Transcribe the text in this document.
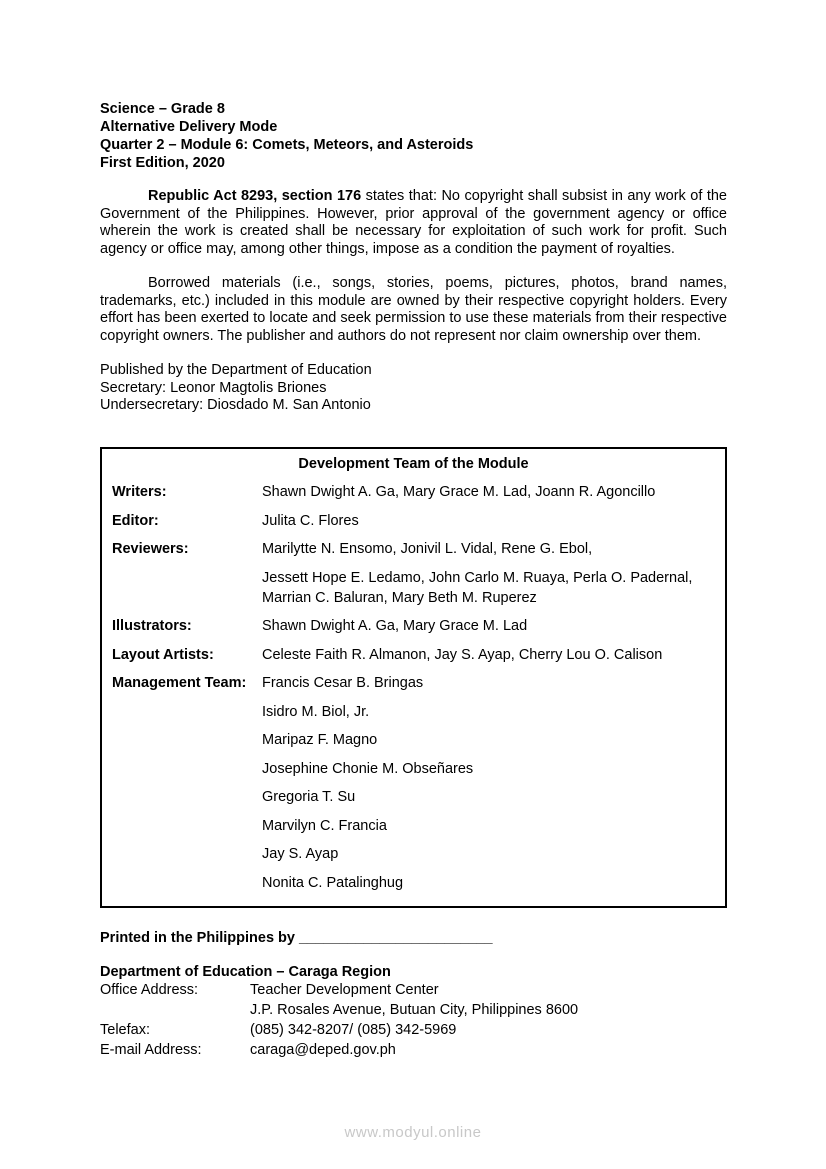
Science – Grade 8
Alternative Delivery Mode
Quarter 2 – Module 6: Comets, Meteors, and Asteroids
First Edition, 2020

Republic Act 8293, section 176 states that: No copyright shall subsist in any work of the Government of the Philippines. However, prior approval of the government agency or office wherein the work is created shall be necessary for exploitation of such work for profit. Such agency or office may, among other things, impose as a condition the payment of royalties.

Borrowed materials (i.e., songs, stories, poems, pictures, photos, brand names, trademarks, etc.) included in this module are owned by their respective copyright holders. Every effort has been exerted to locate and seek permission to use these materials from their respective copyright owners. The publisher and authors do not represent nor claim ownership over them.

Published by the Department of Education
Secretary: Leonor Magtolis Briones
Undersecretary: Diosdado M. San Antonio
Development Team of the Module
Writers:	Shawn Dwight A. Ga, Mary Grace M. Lad, Joann R. Agoncillo
Editor:	Julita C. Flores
Reviewers:	Marilytte N. Ensomo, Jonivil L. Vidal, Rene G. Ebol,
Jessett Hope E. Ledamo, John Carlo M. Ruaya, Perla O. Padernal,
Marrian C. Baluran, Mary Beth M. Ruperez
Illustrators:	Shawn Dwight A. Ga, Mary Grace M. Lad
Layout Artists:	Celeste Faith R. Almanon, Jay S. Ayap, Cherry Lou O. Calison
Management Team:	Francis Cesar B. Bringas
Isidro M. Biol, Jr.
Maripaz F. Magno
Josephine Chonie M. Obseñares
Gregoria T. Su
Marvilyn C. Francia
Jay S. Ayap
Nonita C. Patalinghug
Printed in the Philippines by ________________________
Department of Education – Caraga Region
Office Address:	Teacher Development Center
J.P. Rosales Avenue, Butuan City, Philippines 8600
Telefax:	(085) 342-8207/ (085) 342-5969
E-mail Address:	caraga@deped.gov.ph
www.modyul.online
